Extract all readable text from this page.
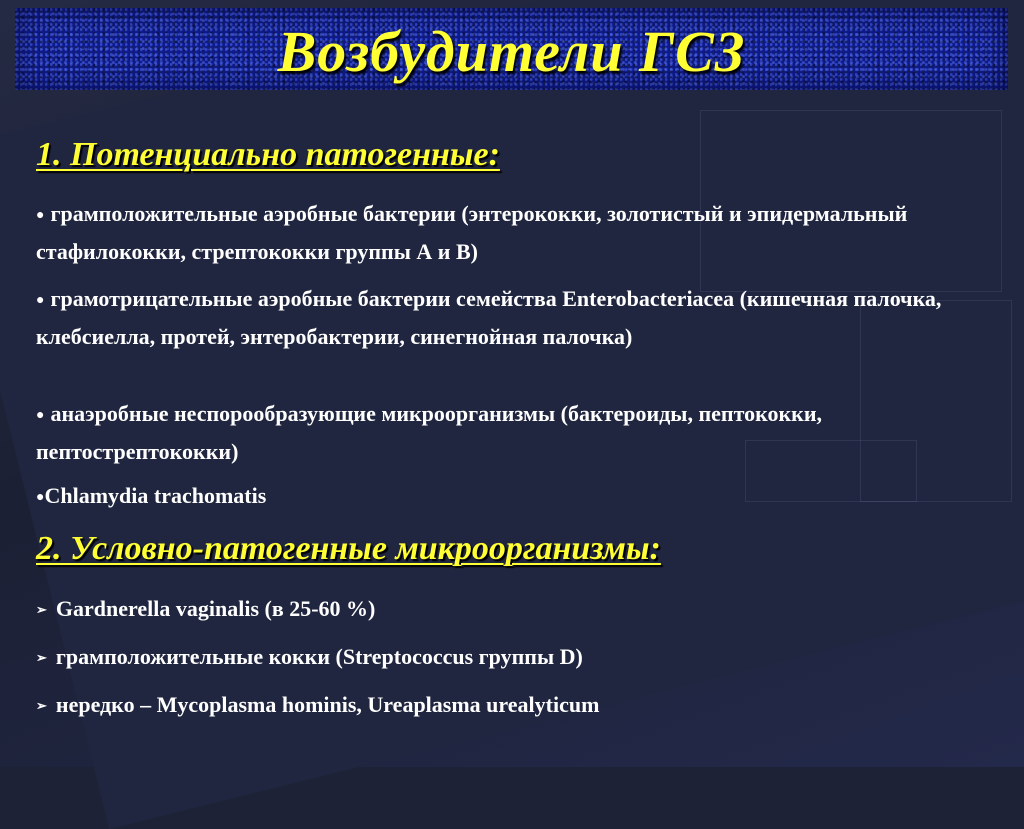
Возбудители ГСЗ
1. Потенциально патогенные:
● грамположительные аэробные бактерии (энтерококки, золотистый и эпидермальный стафилококки, стрептококки группы А и В)
● грамотрицательные аэробные бактерии семейства Enterobacteriacea (кишечная палочка, клебсиелла, протей, энтеробактерии, синегнойная палочка)
● анаэробные неспорообразующие микроорганизмы (бактероиды, пептококки, пептострептококки)
●Chlamydia trachomatis
2. Условно-патогенные микроорганизмы:
➢ Gardnerella vaginalis (в 25-60 %)
➢ грамположительные кокки (Streptococcus группы D)
➢ нередко – Mycoplasma hominis, Ureaplasma urealyticum
